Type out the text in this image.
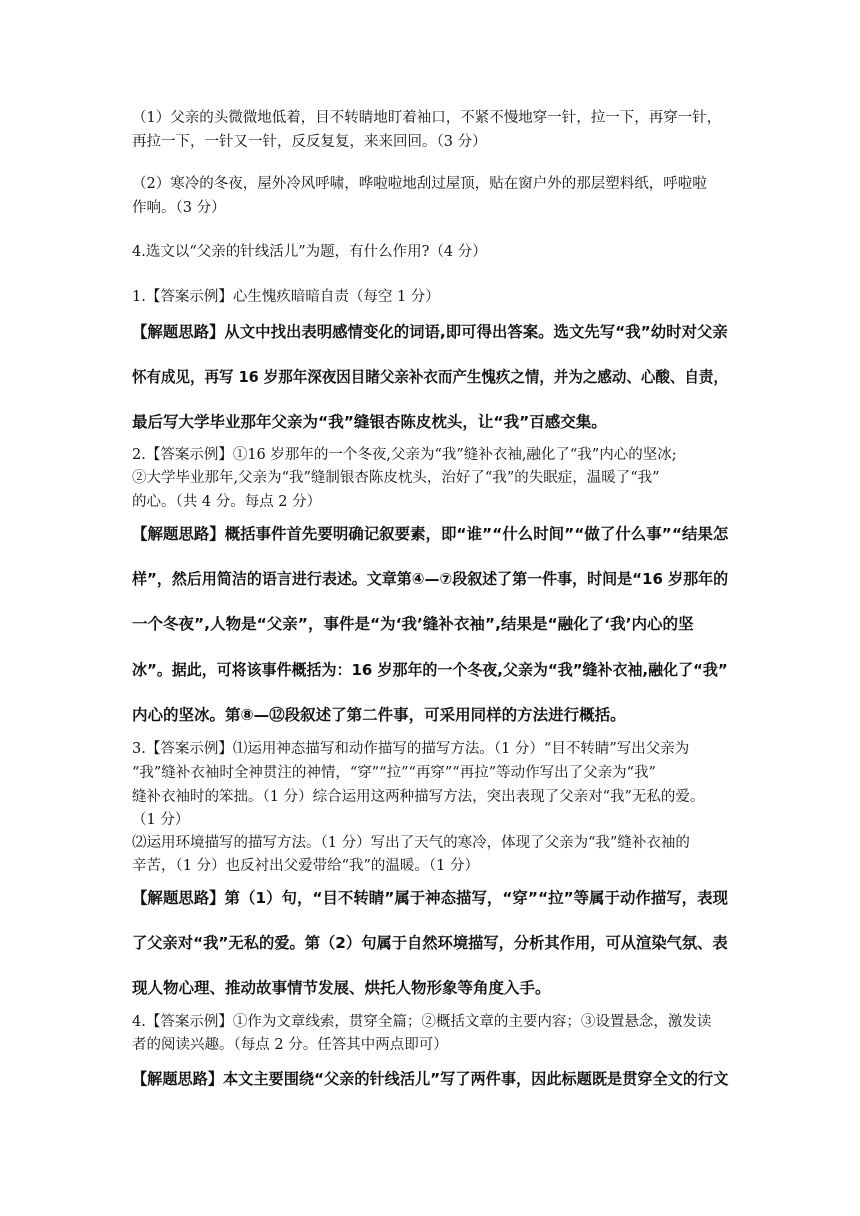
（1）父亲的头微微地低着，目不转睛地盯着袖口，不紧不慢地穿一针，拉一下，再穿一针，
再拉一下，一针又一针，反反复复，来来回回。（3 分）
（2）寒冷的冬夜，屋外冷风呼啸，哗啦啦地刮过屋顶，贴在窗户外的那层塑料纸，呼啦啦
作响。（3 分）
4.选文以“父亲的针线活儿”为题，有什么作用?（4 分）
1.【答案示例】心生愧疚暗暗自责（每空 1 分）
【解题思路】从文中找出表明感情变化的词语,即可得出答案。选文先写“我”幼时对父亲
怀有成见，再写 16 岁那年深夜因目睹父亲补衣而产生愧疚之情，并为之感动、心酸、自责，
最后写大学毕业那年父亲为“我”缝银杏陈皮枕头，让“我”百感交集。
2.【答案示例】①16 岁那年的一个冬夜,父亲为“我”缝补衣袖,融化了“我”内心的坚冰;
②大学毕业那年,父亲为“我”缝制银杏陈皮枕头，治好了“我”的失眠症，温暖了“我”
的心。（共 4 分。每点 2 分）
【解题思路】概括事件首先要明确记叙要素，即“谁”“什么时间”“做了什么事”“结果怎
样”，然后用简洁的语言进行表述。文章第④—⑦段叙述了第一件事，时间是“16 岁那年的
一个冬夜”,人物是“父亲”，事件是“为‘我’缝补衣袖”,结果是“融化了‘我’内心的坚
冰”。据此，可将该事件概括为：16 岁那年的一个冬夜,父亲为“我”缝补衣袖,融化了“我”
内心的坚冰。第⑧—⑫段叙述了第二件事，可采用同样的方法进行概括。
3.【答案示例】⑴运用神态描写和动作描写的描写方法。（1 分）“目不转睛”写出父亲为
“我”缝补衣袖时全神贯注的神情，“穿”“拉”“再穿”“再拉”等动作写出了父亲为“我”
缝补衣袖时的笨拙。（1 分）综合运用这两种描写方法，突出表现了父亲对“我”无私的爱。
（1 分）
⑵运用环境描写的描写方法。（1 分）写出了天气的寒冷，体现了父亲为“我”缝补衣袖的
辛苦，（1 分）也反衬出父爱带给“我”的温暖。（1 分）
【解题思路】第（1）句，“目不转睛”属于神态描写，“穿”“拉”等属于动作描写，表现
了父亲对“我”无私的爱。第（2）句属于自然环境描写，分析其作用，可从渲染气氛、表
现人物心理、推动故事情节发展、烘托人物形象等角度入手。
4.【答案示例】①作为文章线索，贯穿全篇；②概括文章的主要内容；③设置悬念，激发读
者的阅读兴趣。（每点 2 分。任答其中两点即可）
【解题思路】本文主要围绕“父亲的针线活儿”写了两件事，因此标题既是贯穿全文的行文
